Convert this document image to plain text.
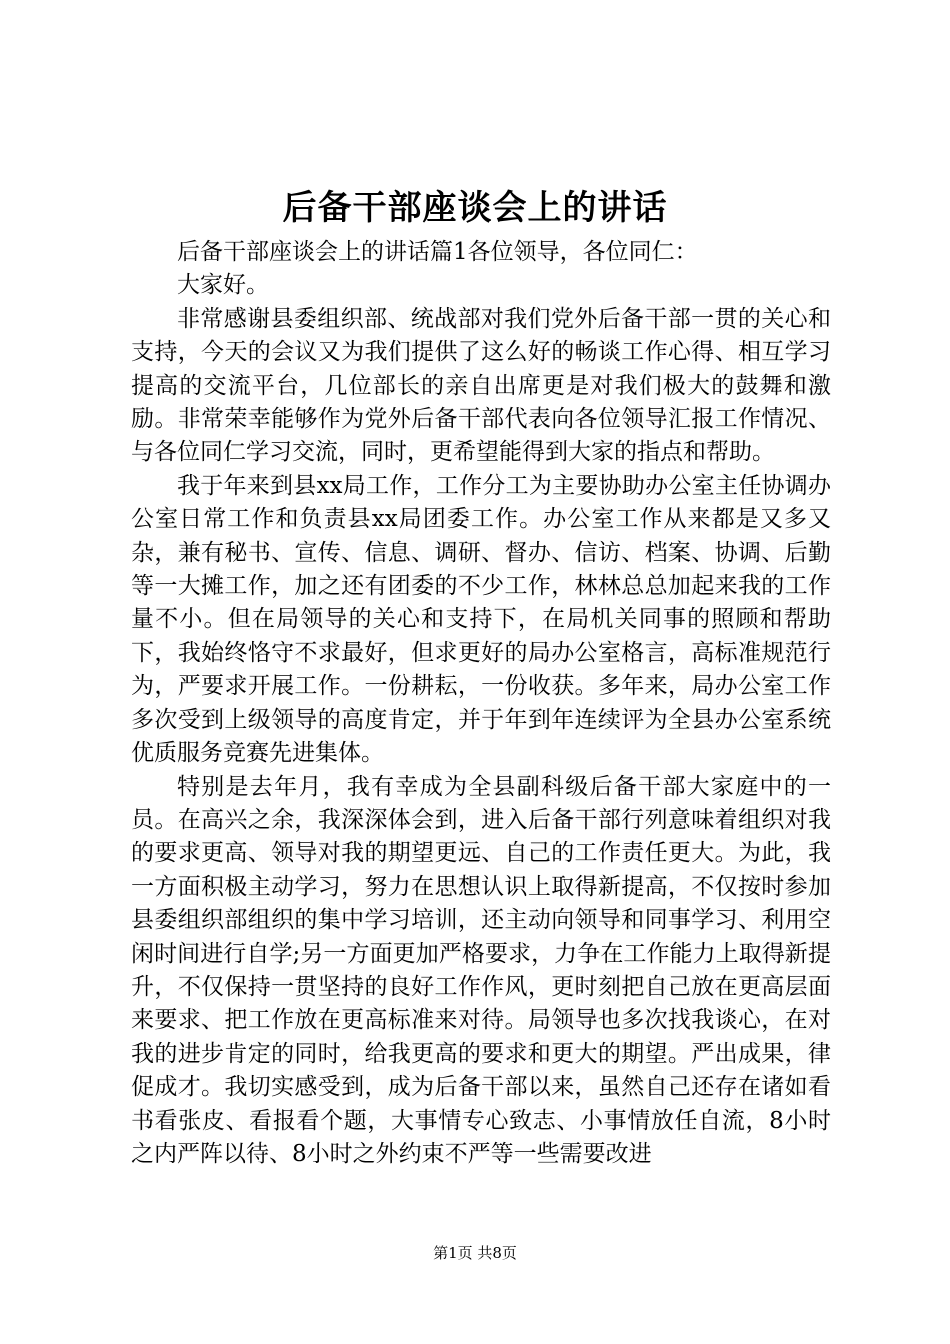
后备干部座谈会上的讲话

后备干部座谈会上的讲话篇1各位领导，各位同仁：

大家好。

非常感谢县委组织部、统战部对我们党外后备干部一贯的关心和支持，今天的会议又为我们提供了这么好的畅谈工作心得、相互学习提高的交流平台，几位部长的亲自出席更是对我们极大的鼓舞和激励。非常荣幸能够作为党外后备干部代表向各位领导汇报工作情况、与各位同仁学习交流，同时，更希望能得到大家的指点和帮助。

我于年来到县xx局工作，工作分工为主要协助办公室主任协调办公室日常工作和负责县xx局团委工作。办公室工作从来都是又多又杂，兼有秘书、宣传、信息、调研、督办、信访、档案、协调、后勤等一大摊工作，加之还有团委的不少工作，林林总总加起来我的工作量不小。但在局领导的关心和支持下，在局机关同事的照顾和帮助下，我始终恪守不求最好，但求更好的局办公室格言，高标准规范行为，严要求开展工作。一份耕耘，一份收获。多年来，局办公室工作多次受到上级领导的高度肯定，并于年到年连续评为全县办公室系统优质服务竞赛先进集体。

特别是去年月，我有幸成为全县副科级后备干部大家庭中的一员。在高兴之余，我深深体会到，进入后备干部行列意味着组织对我的要求更高、领导对我的期望更远、自己的工作责任更大。为此，我一方面积极主动学习，努力在思想认识上取得新提高，不仅按时参加县委组织部组织的集中学习培训，还主动向领导和同事学习、利用空闲时间进行自学;另一方面更加严格要求，力争在工作能力上取得新提升，不仅保持一贯坚持的良好工作作风，更时刻把自己放在更高层面来要求、把工作放在更高标准来对待。局领导也多次找我谈心，在对我的进步肯定的同时，给我更高的要求和更大的期望。严出成果，律促成才。我切实感受到，成为后备干部以来，虽然自己还存在诸如看书看张皮、看报看个题，大事情专心致志、小事情放任自流，8小时之内严阵以待、8小时之外约束不严等一些需要改进

第1页 共8页
